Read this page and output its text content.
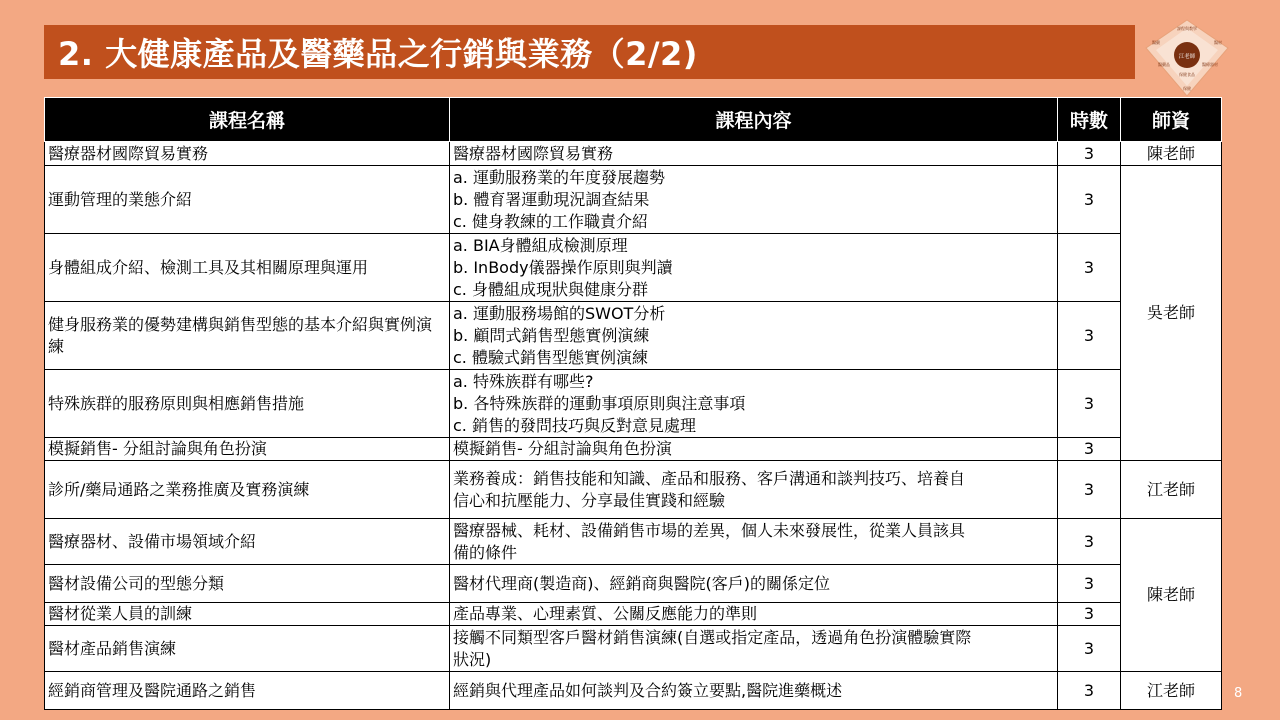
2. 大健康產品及醫藥品之行銷與業務（2/2)	江老師
課程與教學
醫藥品	醫療器材
保健食品
醫藥	醫材
保健
課程名稱	課程內容	時數	師資
醫療器材國際貿易實務	醫療器材國際貿易實務	3	陳老師
運動管理的業態介紹	a. 運動服務業的年度發展趨勢
b. 體育署運動現況調查結果
c. 健身教練的工作職責介紹	3	吳老師
身體組成介紹、檢測工具及其相關原理與運用	a. BIA身體組成檢測原理
b. InBody儀器操作原則與判讀
c. 身體組成現狀與健康分群	3	
健身服務業的優勢建構與銷售型態的基本介紹與實例演練	a. 運動服務場館的SWOT分析
b. 顧問式銷售型態實例演練
c. 體驗式銷售型態實例演練	3	
特殊族群的服務原則與相應銷售措施	a. 特殊族群有哪些?
b. 各特殊族群的運動事項原則與注意事項
c. 銷售的發問技巧與反對意見處理	3	
模擬銷售- 分組討論與角色扮演	模擬銷售- 分組討論與角色扮演	3	
診所/藥局通路之業務推廣及實務演練	業務養成：銷售技能和知識、產品和服務、客戶溝通和談判技巧、培養自
信心和抗壓能力、分享最佳實踐和經驗	3	江老師
醫療器材、設備市場領域介紹	醫療器械、耗材、設備銷售市場的差異，個人未來發展性，從業人員該具
備的條件	3	陳老師
醫材設備公司的型態分類	醫材代理商(製造商)、經銷商與醫院(客戶)的關係定位	3	
醫材從業人員的訓練	產品專業、心理素質、公關反應能力的準則	3	
醫材產品銷售演練	接觸不同類型客戶醫材銷售演練(自選或指定產品，透過角色扮演體驗實際
狀況)	3	
經銷商管理及醫院通路之銷售	經銷與代理產品如何談判及合約簽立要點,醫院進藥概述	3	江老師	8
